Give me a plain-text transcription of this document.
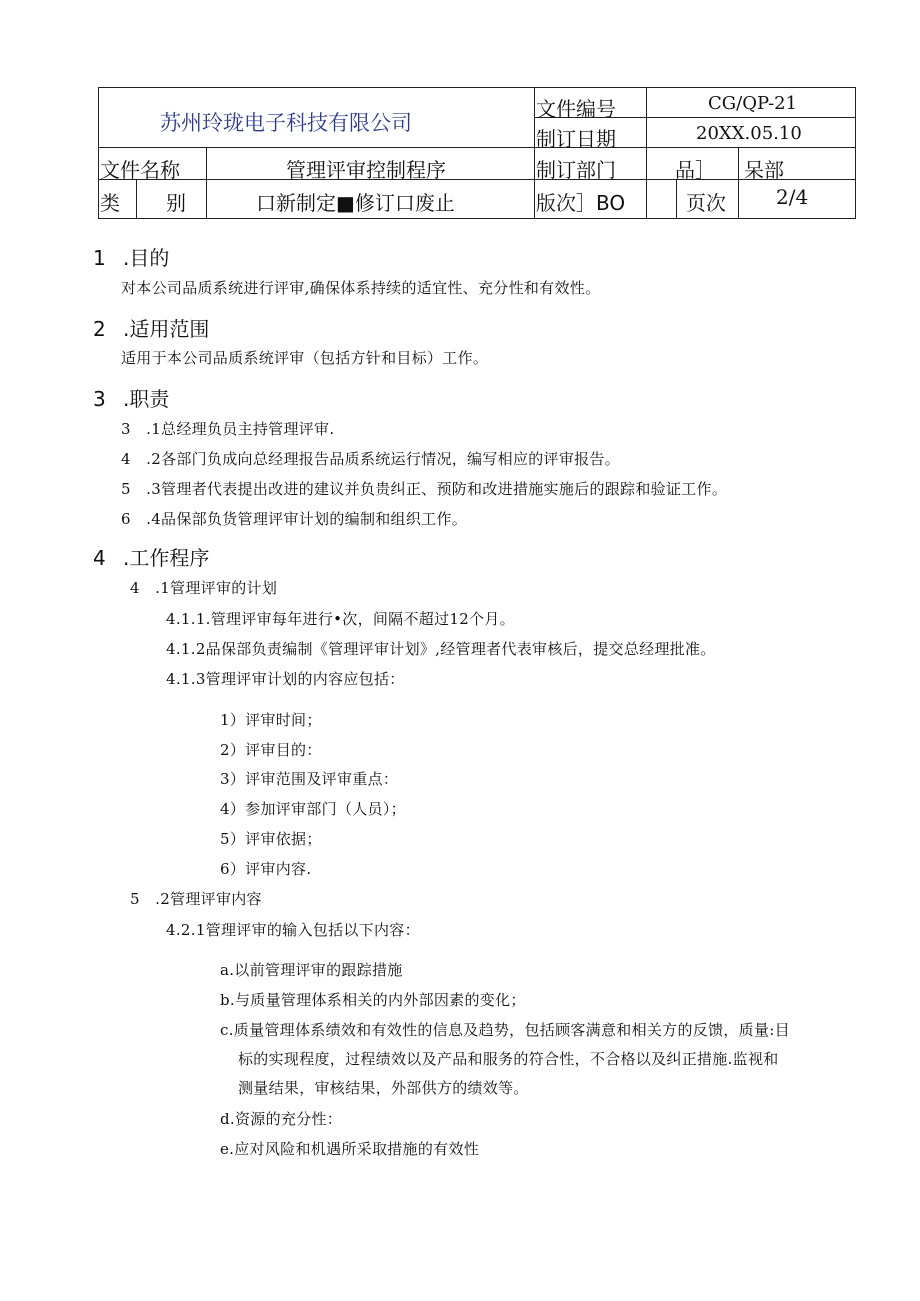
苏州玲珑电子科技有限公司
文件编号	CG/QP-21
制订日期	20XX.05.10
文件名称	管理评审控制程序	制订部门	品］ 呆部
类 别	口新制定■修订口废止	版次］BO	页次	2/4
1 .目的
对本公司品质系统进行评审,确保体系持续的适宜性、充分性和有效性。
2 .适用范围
适用于本公司品质系统评审（包括方针和目标）工作。
3 .职责
3　.1总经理负员主持管理评审.
4　.2各部门负成向总经理报告品质系统运行情况，编写相应的评审报告。
5　.3管理者代表提出改进的建议并负贵纠正、预防和改进措施实施后的跟踪和验证工作。
6　.4品保部负货管理评审计划的编制和组织工作。
4 .工作程序
4　.1管理评审的计划
4.1.1.管理评审每年进行•次，间隔不超过12个月。
4.1.2品保部负责编制《管理评审计划》,经管理者代表审核后，提交总经理批准。
4.1.3管理评审计划的内容应包括：
1）评审时间；
2）评审目的：
3）评审范围及评审重点：
4）参加评审部门（人员）；
5）评审依据；
6）评审内容.
5　.2管理评审内容
4.2.1管理评审的输入包括以下内容：
a.以前管理评审的跟踪措施
b.与质量管理体系相关的内外部因素的变化；
c.质量管理体系绩效和有效性的信息及趋势，包括顾客满意和相关方的反馈，质量:目
标的实现程度，过程绩效以及产品和服务的符合性，不合格以及纠正措施.监视和
测量结果，审核结果，外部供方的绩效等。
d.资源的充分性：
e.应对风险和机遇所采取措施的有效性
